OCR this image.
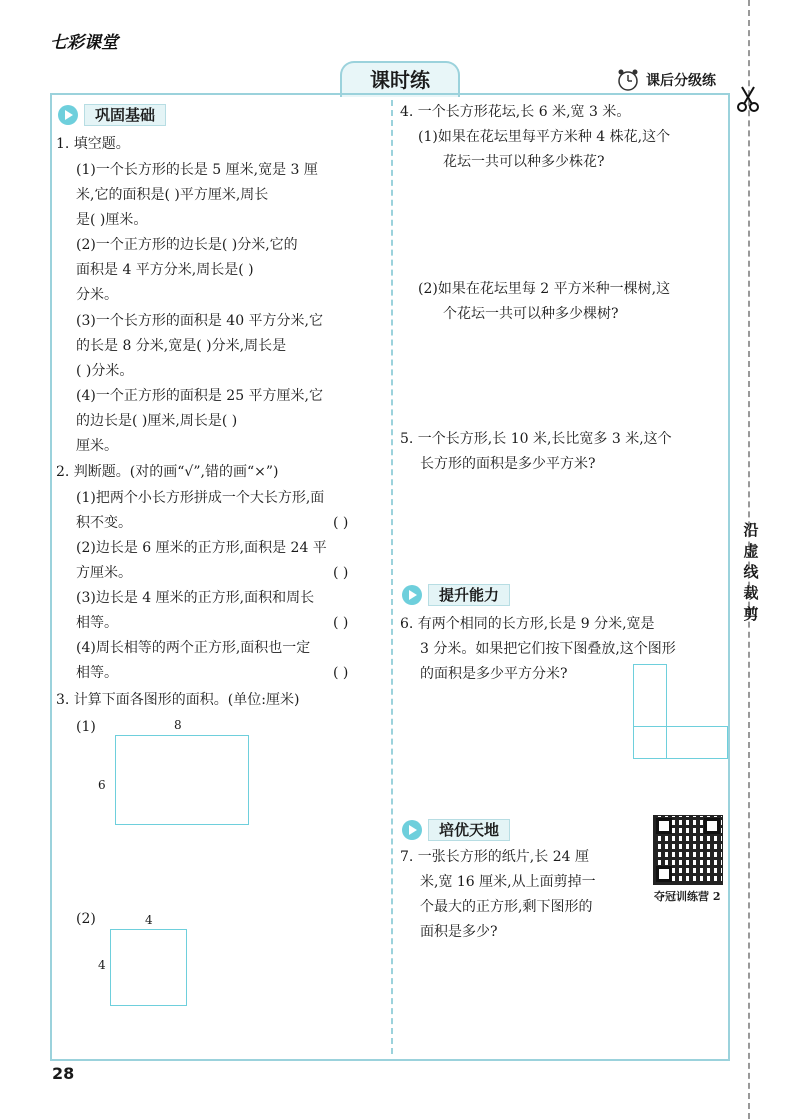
七彩课堂
课时练	课后分级练
沿
虚
线
裁
剪
巩固基础
1. 填空题。
(1)一个长方形的长是 5 厘米,宽是 3 厘
米,它的面积是( )平方厘米,周长
是( )厘米。
(2)一个正方形的边长是( )分米,它的
面积是 4 平方分米,周长是( )
分米。
(3)一个长方形的面积是 40 平方分米,它
的长是 8 分米,宽是( )分米,周长是
( )分米。
(4)一个正方形的面积是 25 平方厘米,它
的边长是( )厘米,周长是( )
厘米。
2. 判断题。(对的画“√”,错的画“×”)
(1)把两个小长方形拼成一个大长方形,面
积不变。	( )
(2)边长是 6 厘米的正方形,面积是 24 平
方厘米。	( )
(3)边长是 4 厘米的正方形,面积和周长
相等。	( )
(4)周长相等的两个正方形,面积也一定
相等。	( )
3. 计算下面各图形的面积。(单位:厘米)
(1)	8
6
(2)	4
4
4. 一个长方形花坛,长 6 米,宽 3 米。
(1)如果在花坛里每平方米种 4 株花,这个
花坛一共可以种多少株花?
(2)如果在花坛里每 2 平方米种一棵树,这
个花坛一共可以种多少棵树?
5. 一个长方形,长 10 米,长比宽多 3 米,这个
长方形的面积是多少平方米?
提升能力
6. 有两个相同的长方形,长是 9 分米,宽是
3 分米。如果把它们按下图叠放,这个图形
的面积是多少平方分米?
培优天地
夺冠训练营 2
7. 一张长方形的纸片,长 24 厘
米,宽 16 厘米,从上面剪掉一
个最大的正方形,剩下图形的
面积是多少?
28
